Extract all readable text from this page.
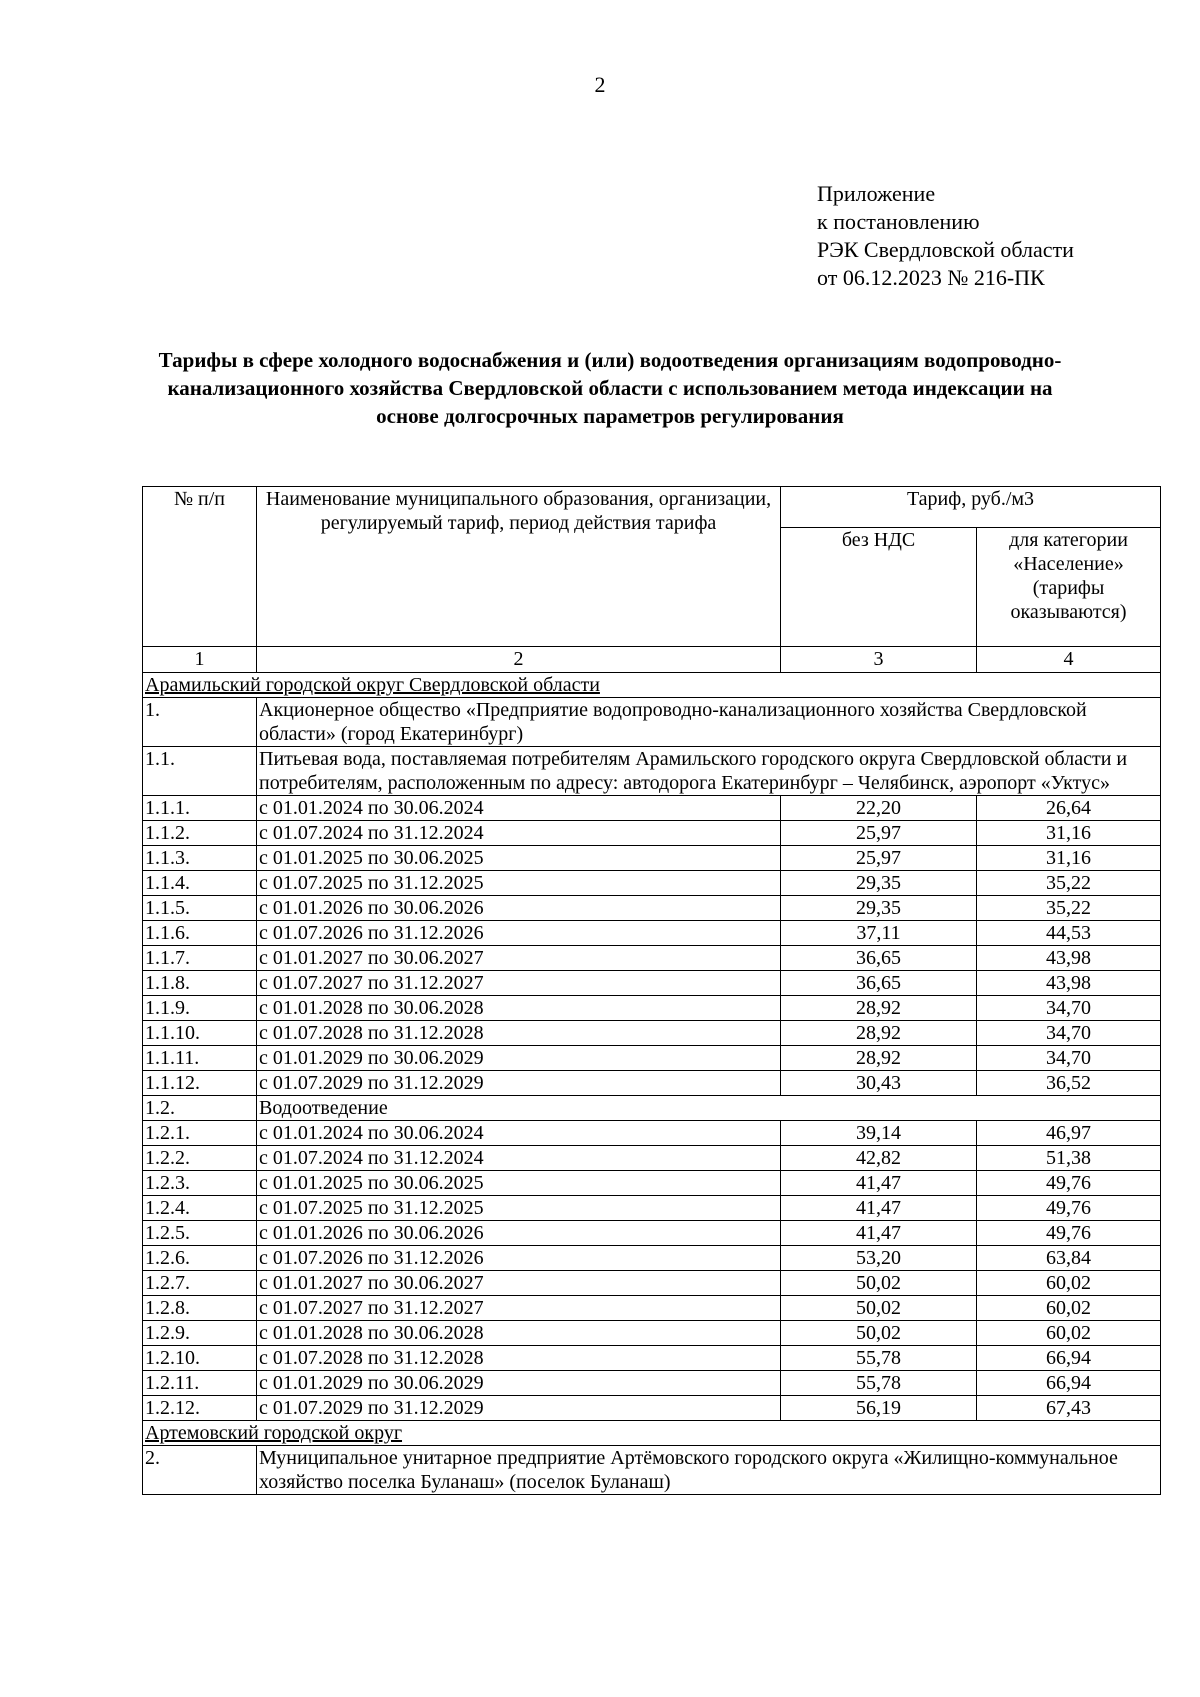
2
Приложение
к постановлению
РЭК Свердловской области
от 06.12.2023 № 216-ПК
Тарифы в сфере холодного водоснабжения и (или) водоотведения организациям водопроводно-канализационного хозяйства Свердловской области с использованием метода индексации на основе долгосрочных параметров регулирования
№ п/п	Наименование муниципального образования, организации, регулируемый тариф, период действия тарифа	Тариф, руб./м3	
		без НДС	для категории «Население» (тарифы оказываются)
1	2	3	4
Арамильский городской округ Свердловской области			
1.	Акционерное общество «Предприятие водопроводно-канализационного хозяйства Свердловской области» (город Екатеринбург)		
1.1.	Питьевая вода, поставляемая потребителям Арамильского городского округа Свердловской области и потребителям, расположенным по адресу: автодорога Екатеринбург – Челябинск, аэропорт «Уктус»		
1.1.1.	с 01.01.2024 по 30.06.2024	22,20	26,64
1.1.2.	с 01.07.2024 по 31.12.2024	25,97	31,16
1.1.3.	с 01.01.2025 по 30.06.2025	25,97	31,16
1.1.4.	с 01.07.2025 по 31.12.2025	29,35	35,22
1.1.5.	с 01.01.2026 по 30.06.2026	29,35	35,22
1.1.6.	с 01.07.2026 по 31.12.2026	37,11	44,53
1.1.7.	с 01.01.2027 по 30.06.2027	36,65	43,98
1.1.8.	с 01.07.2027 по 31.12.2027	36,65	43,98
1.1.9.	с 01.01.2028 по 30.06.2028	28,92	34,70
1.1.10.	с 01.07.2028 по 31.12.2028	28,92	34,70
1.1.11.	с 01.01.2029 по 30.06.2029	28,92	34,70
1.1.12.	с 01.07.2029 по 31.12.2029	30,43	36,52
1.2.	Водоотведение		
1.2.1.	с 01.01.2024 по 30.06.2024	39,14	46,97
1.2.2.	с 01.07.2024 по 31.12.2024	42,82	51,38
1.2.3.	с 01.01.2025 по 30.06.2025	41,47	49,76
1.2.4.	с 01.07.2025 по 31.12.2025	41,47	49,76
1.2.5.	с 01.01.2026 по 30.06.2026	41,47	49,76
1.2.6.	с 01.07.2026 по 31.12.2026	53,20	63,84
1.2.7.	с 01.01.2027 по 30.06.2027	50,02	60,02
1.2.8.	с 01.07.2027 по 31.12.2027	50,02	60,02
1.2.9.	с 01.01.2028 по 30.06.2028	50,02	60,02
1.2.10.	с 01.07.2028 по 31.12.2028	55,78	66,94
1.2.11.	с 01.01.2029 по 30.06.2029	55,78	66,94
1.2.12.	с 01.07.2029 по 31.12.2029	56,19	67,43
Артемовский городской округ			
2.	Муниципальное унитарное предприятие Артёмовского городского округа «Жилищно-коммунальное хозяйство поселка Буланаш» (поселок Буланаш)		
